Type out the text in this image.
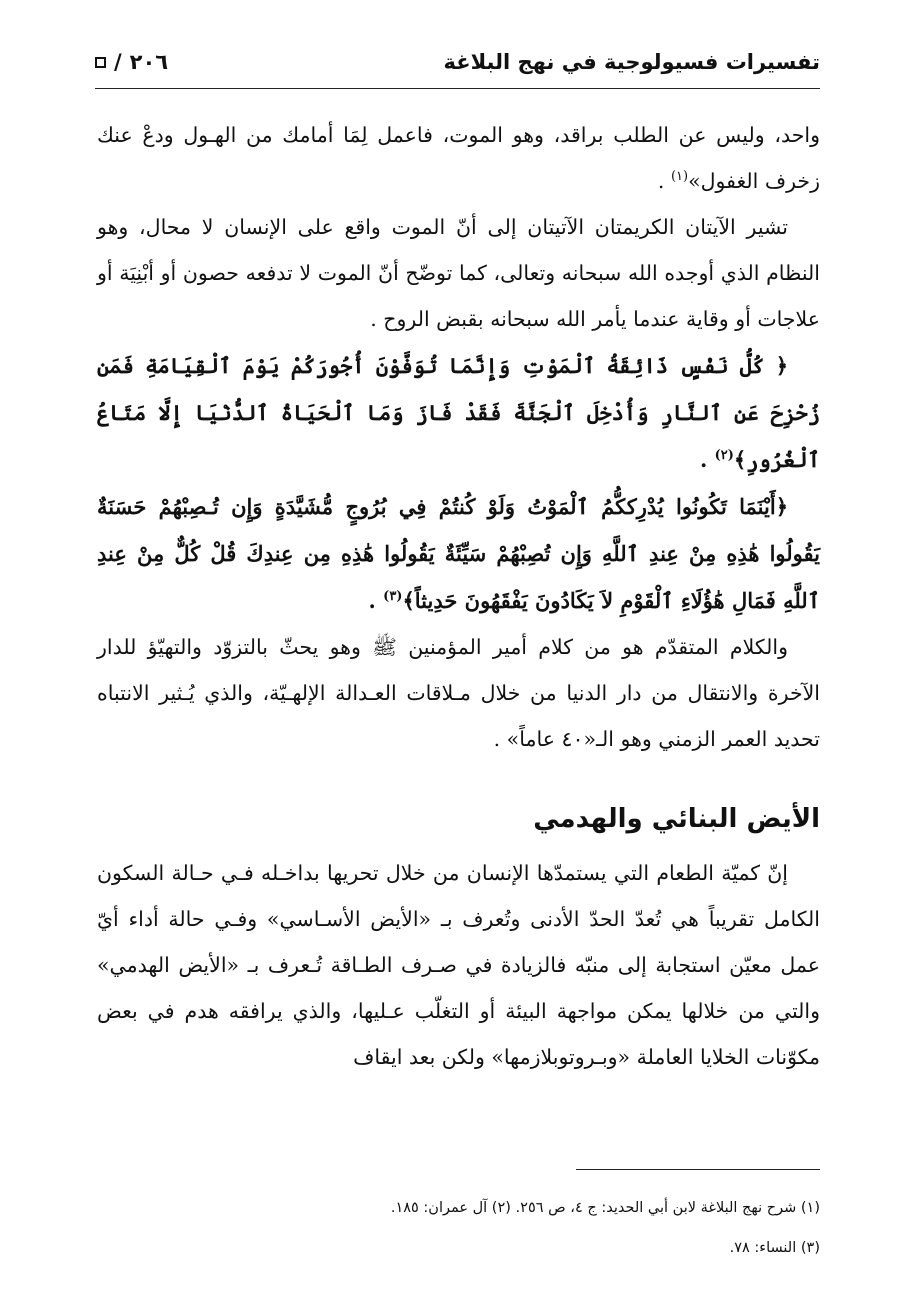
تفسيرات فسيولوجية في نهج البلاغة
٢٠٦
/

واحد، وليس عن الطلب براقد، وهو الموت، فاعمل لِمَا أمامك من الهـول ودعْ عنك زخرف الغفول»$^{(١)}$ .

تشير الآيتان الكريمتان الآتيتان إلى أنّ الموت واقع على الإنسان لا محال، وهو النظام الذي أوجده الله سبحانه وتعالى، كما توضّح أنّ الموت لا تدفعه حصون أو أبْنِيَة أو علاجات أو وقاية عندما يأمر الله سبحانه بقبض الروح .

﴿ كُلُّ نَفْسٍ ذَائِقَةُ ٱلْمَوْتِ وَإِنَّمَا تُوَفَّوْنَ أُجُورَكُمْ يَوْمَ ٱلْقِيَامَةِ فَمَن زُحْزِحَ عَنِ ٱلنَّارِ وَأُدْخِلَ ٱلْجَنَّةَ فَقَدْ فَازَ وَمَا ٱلْحَيَاةُ ٱلدُّنْيَا إِلَّا مَتَاعُ ٱلْغُرُورِ﴾$^{(٢)}$ .

﴿أَيْنَمَا تَكُونُوا يُدْرِككُّمُ ٱلْمَوْتُ وَلَوْ كُنتُمْ فِي بُرُوجٍ مُّشَيَّدَةٍ وَإِن تُـصِبْهُمْ حَسَنَةٌ يَقُولُوا هَٰذِهِ مِنْ عِندِ ٱللَّهِ وَإِن تُصِبْهُمْ سَيِّئَةٌ يَقُولُوا هَٰذِهِ مِن عِندِكَ قُلْ كُلٌّ مِنْ عِندِ ٱللَّهِ فَمَالِ هَٰؤُلَاءِ ٱلْقَوْمِ لاَ يَكَادُونَ يَفْقَهُونَ حَدِيثاً﴾$^{(٣)}$ .

والكلام المتقدّم هو من كلام أمير المؤمنين ﷺ وهو يحثّ بالتزوّد والتهيّؤ للدار الآخرة والانتقال من دار الدنيا من خلال مـلاقات العـدالة الإلهـيّة، والذي يُـثير الانتباه تحديد العمر الزمني وهو الـ«٤٠ عاماً» .

الأيض البنائي والهدمي

إنّ كميّة الطعام التي يستمدّها الإنسان من خلال تحريها بداخـله فـي حـالة السكون الكامل تقريباً هي تُعدّ الحدّ الأدنى وتُعرف بـ «الأيض الأسـاسي» وفـي حالة أداء أيّ عمل معيّن استجابة إلى منبّه فالزيادة في صـرف الطـاقة تُـعرف بـ «الأيض الهدمي» والتي من خلالها يمكن مواجهة البيئة أو التغلّب عـليها، والذي يرافقه هدم في بعض مكوّنات الخلايا العاملة «وبـروتوبلازمها» ولكن بعد ايقاف

(١) شرح نهج البلاغة لابن أبي الحديد: ج ٤، ص ٢٥٦. (٢) آل عمران: ١٨٥.
(٣) النساء: ٧٨.
